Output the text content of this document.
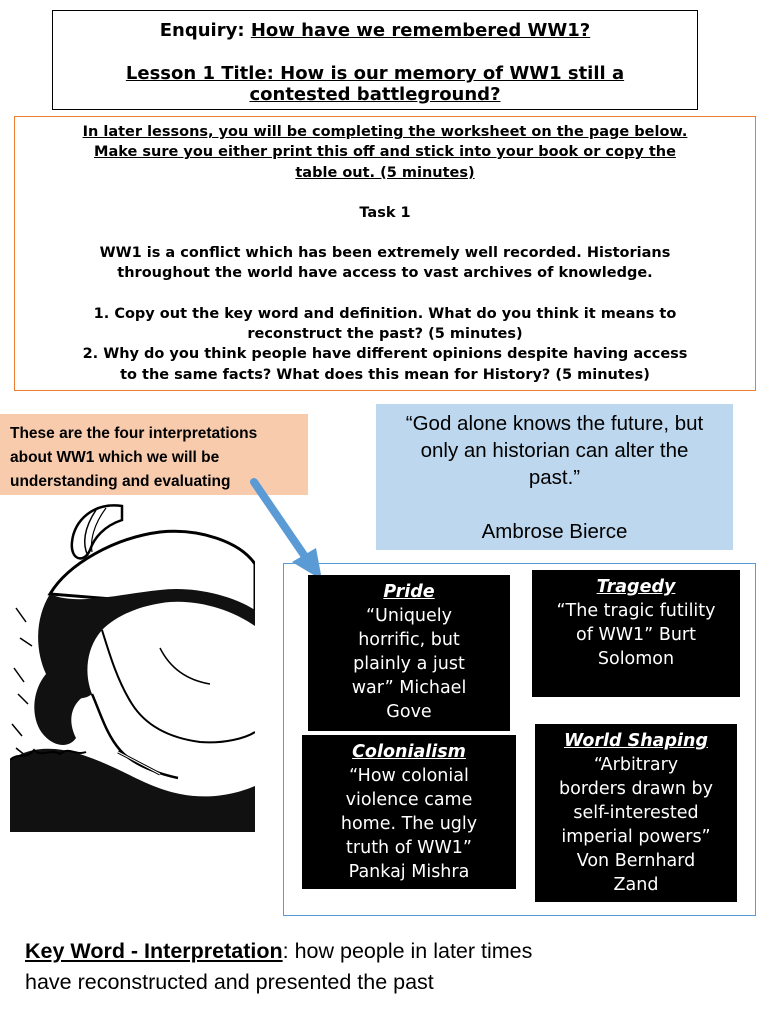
Enquiry: How have we remembered WW1?
Lesson 1 Title: How is our memory of WW1 still a
contested battleground?

In later lessons, you will be completing the worksheet on the page below.

Make sure you either print this off and stick into your book or copy the

table out. (5 minutes)

Task 1

WW1 is a conflict which has been extremely well recorded. Historians

throughout the world have access to vast archives of knowledge.

1. Copy out the key word and definition. What do you think it means to

reconstruct the past? (5 minutes)

2. Why do you think people have different opinions despite having access

to the same facts? What does this mean for History? (5 minutes)

These are the four interpretations
about WW1 which we will be
understanding and evaluating
“God alone knows the future, but
only an historian can alter the
past.”
Ambrose Bierce
Pride
“Uniquely
horrific, but
plainly a just
war” Michael
Gove
Tragedy
“The tragic futility
of WW1” Burt
Solomon
Colonialism
“How colonial
violence came
home. The ugly
truth of WW1”
Pankaj Mishra
World Shaping
“Arbitrary
borders drawn by
self-interested
imperial powers”
Von Bernhard
Zand
Key Word - Interpretation: how people in later times
have reconstructed and presented the past
